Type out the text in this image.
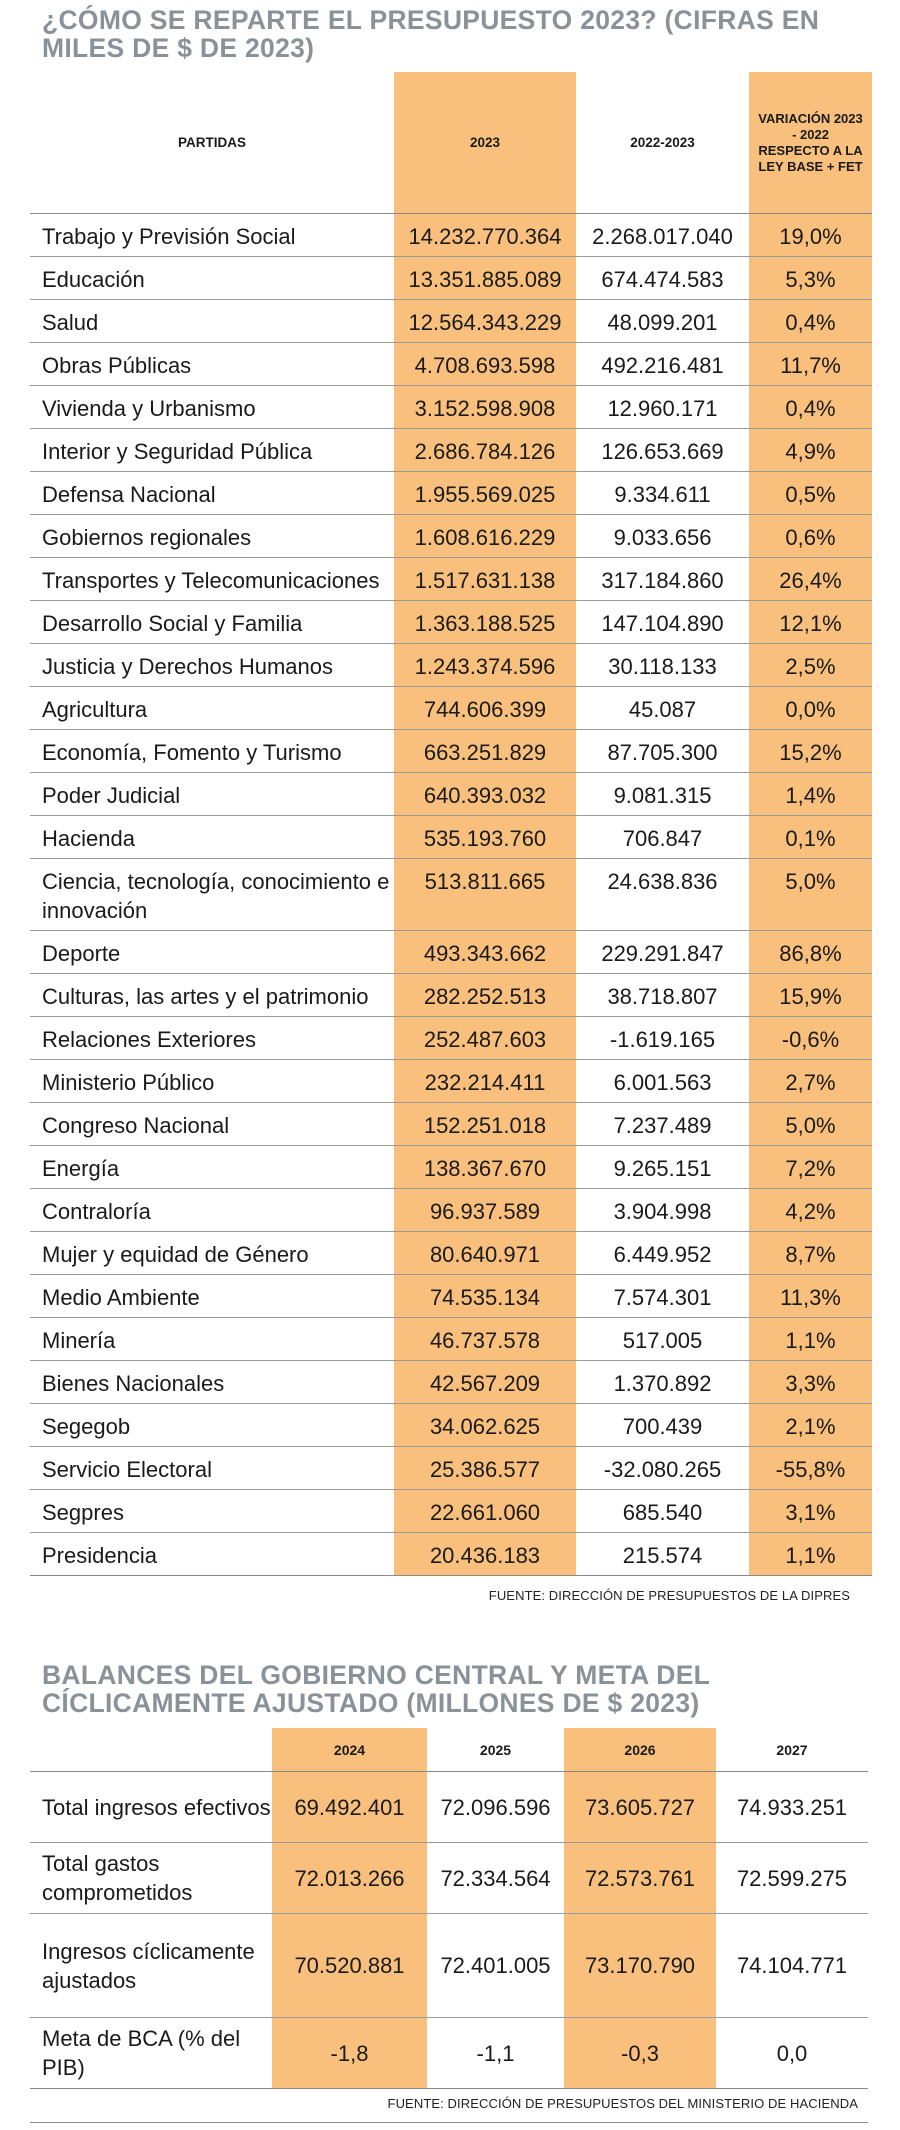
¿CÓMO SE REPARTE EL PRESUPUESTO 2023? (CIFRAS EN MILES DE $ DE 2023)
PARTIDAS	2023	2022-2023	VARIACIÓN 2023 - 2022 RESPECTO A LA LEY BASE + FET
Trabajo y Previsión Social	14.232.770.364	2.268.017.040	19,0%
Educación	13.351.885.089	674.474.583	5,3%
Salud	12.564.343.229	48.099.201	0,4%
Obras Públicas	4.708.693.598	492.216.481	11,7%
Vivienda y Urbanismo	3.152.598.908	12.960.171	0,4%
Interior y Seguridad Pública	2.686.784.126	126.653.669	4,9%
Defensa Nacional	1.955.569.025	9.334.611	0,5%
Gobiernos regionales	1.608.616.229	9.033.656	0,6%
Transportes y Telecomunicaciones	1.517.631.138	317.184.860	26,4%
Desarrollo Social y Familia	1.363.188.525	147.104.890	12,1%
Justicia y Derechos Humanos	1.243.374.596	30.118.133	2,5%
Agricultura	744.606.399	45.087	0,0%
Economía, Fomento y Turismo	663.251.829	87.705.300	15,2%
Poder Judicial	640.393.032	9.081.315	1,4%
Hacienda	535.193.760	706.847	0,1%
Ciencia, tecnología, conocimiento e innovación	513.811.665	24.638.836	5,0%
Deporte	493.343.662	229.291.847	86,8%
Culturas, las artes y el patrimonio	282.252.513	38.718.807	15,9%
Relaciones Exteriores	252.487.603	-1.619.165	-0,6%
Ministerio Público	232.214.411	6.001.563	2,7%
Congreso Nacional	152.251.018	7.237.489	5,0%
Energía	138.367.670	9.265.151	7,2%
Contraloría	96.937.589	3.904.998	4,2%
Mujer y equidad de Género	80.640.971	6.449.952	8,7%
Medio Ambiente	74.535.134	7.574.301	11,3%
Minería	46.737.578	517.005	1,1%
Bienes Nacionales	42.567.209	1.370.892	3,3%
Segegob	34.062.625	700.439	2,1%
Servicio Electoral	25.386.577	-32.080.265	-55,8%
Segpres	22.661.060	685.540	3,1%
Presidencia	20.436.183	215.574	1,1%

FUENTE: DIRECCIÓN DE PRESUPUESTOS DE LA DIPRES

BALANCES DEL GOBIERNO CENTRAL Y META DEL CÍCLICAMENTE AJUSTADO (MILLONES DE $ 2023)
	2024	2025	2026	2027
Total ingresos efectivos	69.492.401	72.096.596	73.605.727	74.933.251
Total gastos comprometidos	72.013.266	72.334.564	72.573.761	72.599.275
Ingresos cíclicamente ajustados	70.520.881	72.401.005	73.170.790	74.104.771
Meta de BCA (% del PIB)	-1,8	-1,1	-0,3	0,0

FUENTE: DIRECCIÓN DE PRESUPUESTOS DEL MINISTERIO DE HACIENDA
